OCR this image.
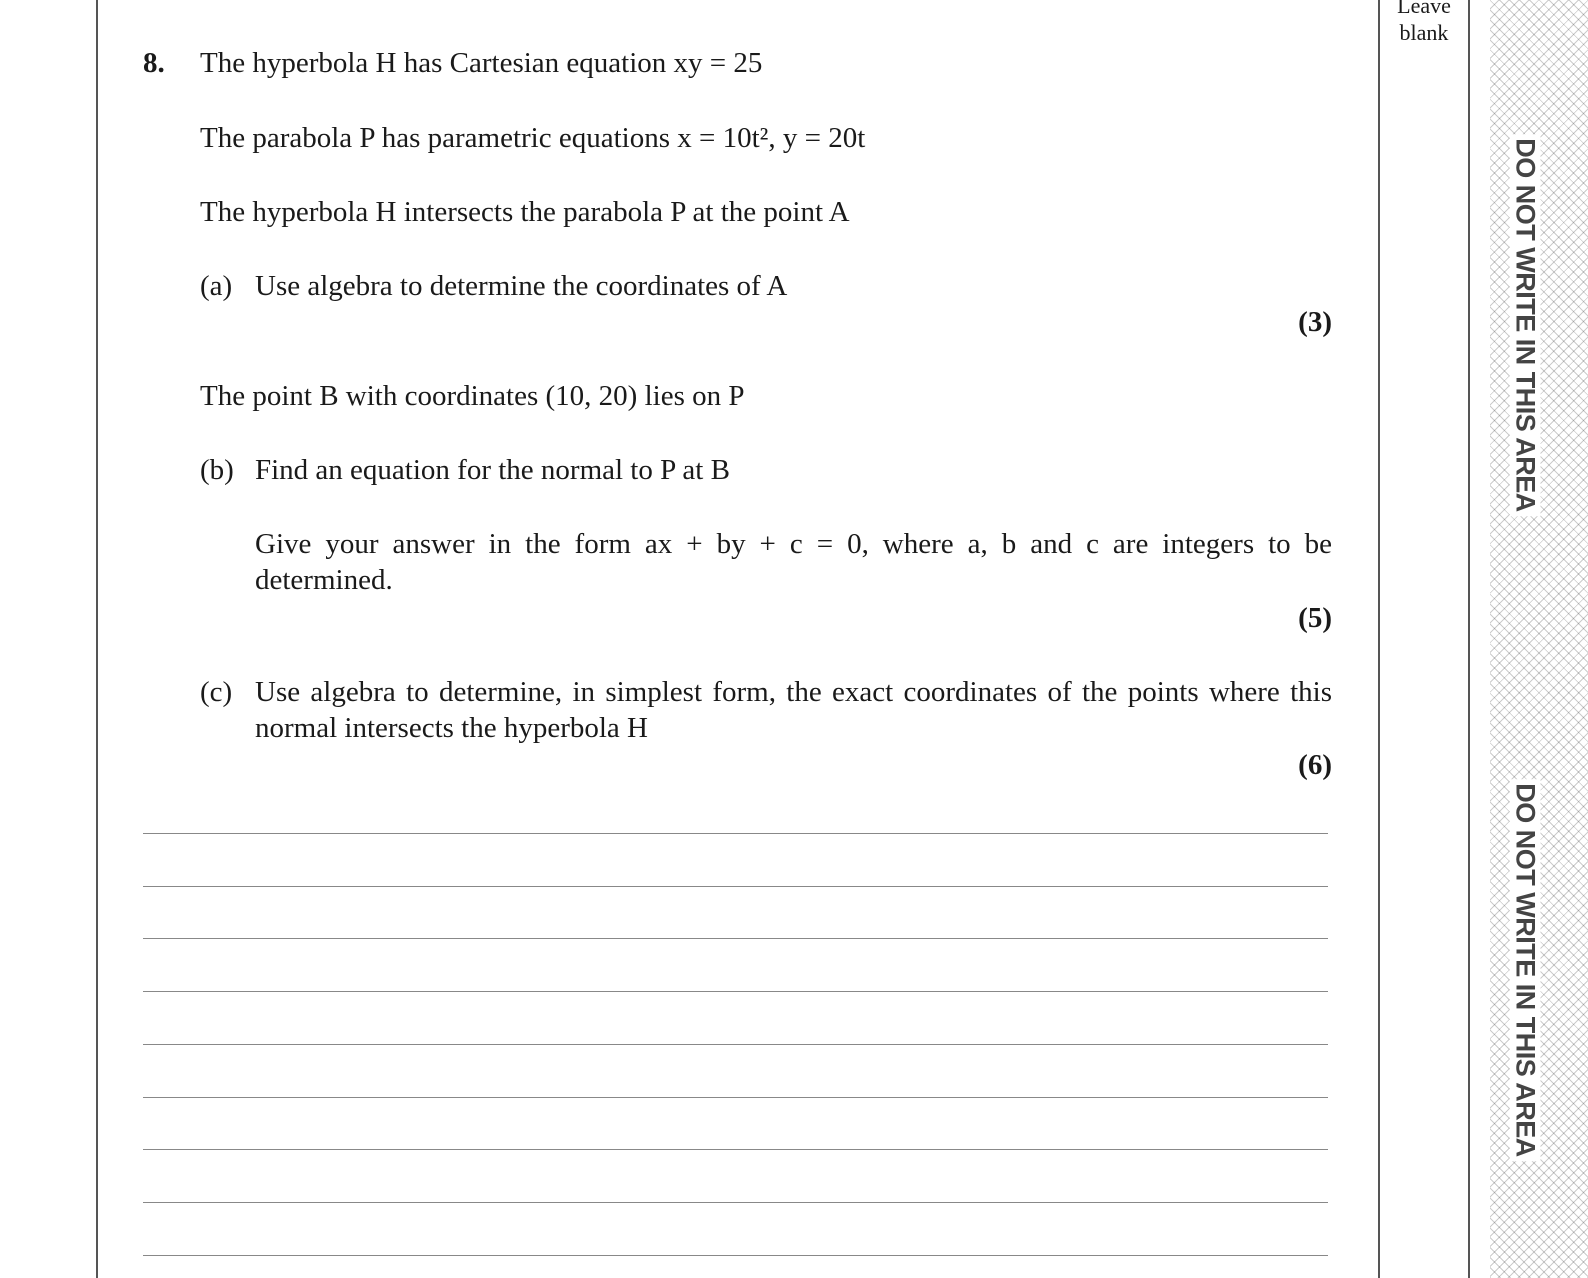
Leave
blank
DO NOT WRITE IN THIS AREA
DO NOT WRITE IN THIS AREA
8. The hyperbola H has Cartesian equation xy = 25
The parabola P has parametric equations x = 10t², y = 20t
The hyperbola H intersects the parabola P at the point A
(a) Use algebra to determine the coordinates of A
(3)
The point B with coordinates (10, 20) lies on P
(b) Find an equation for the normal to P at B
Give your answer in the form ax + by + c = 0, where a, b and c are integers to be determined.
(5)
(c) Use algebra to determine, in simplest form, the exact coordinates of the points where this normal intersects the hyperbola H
(6)
